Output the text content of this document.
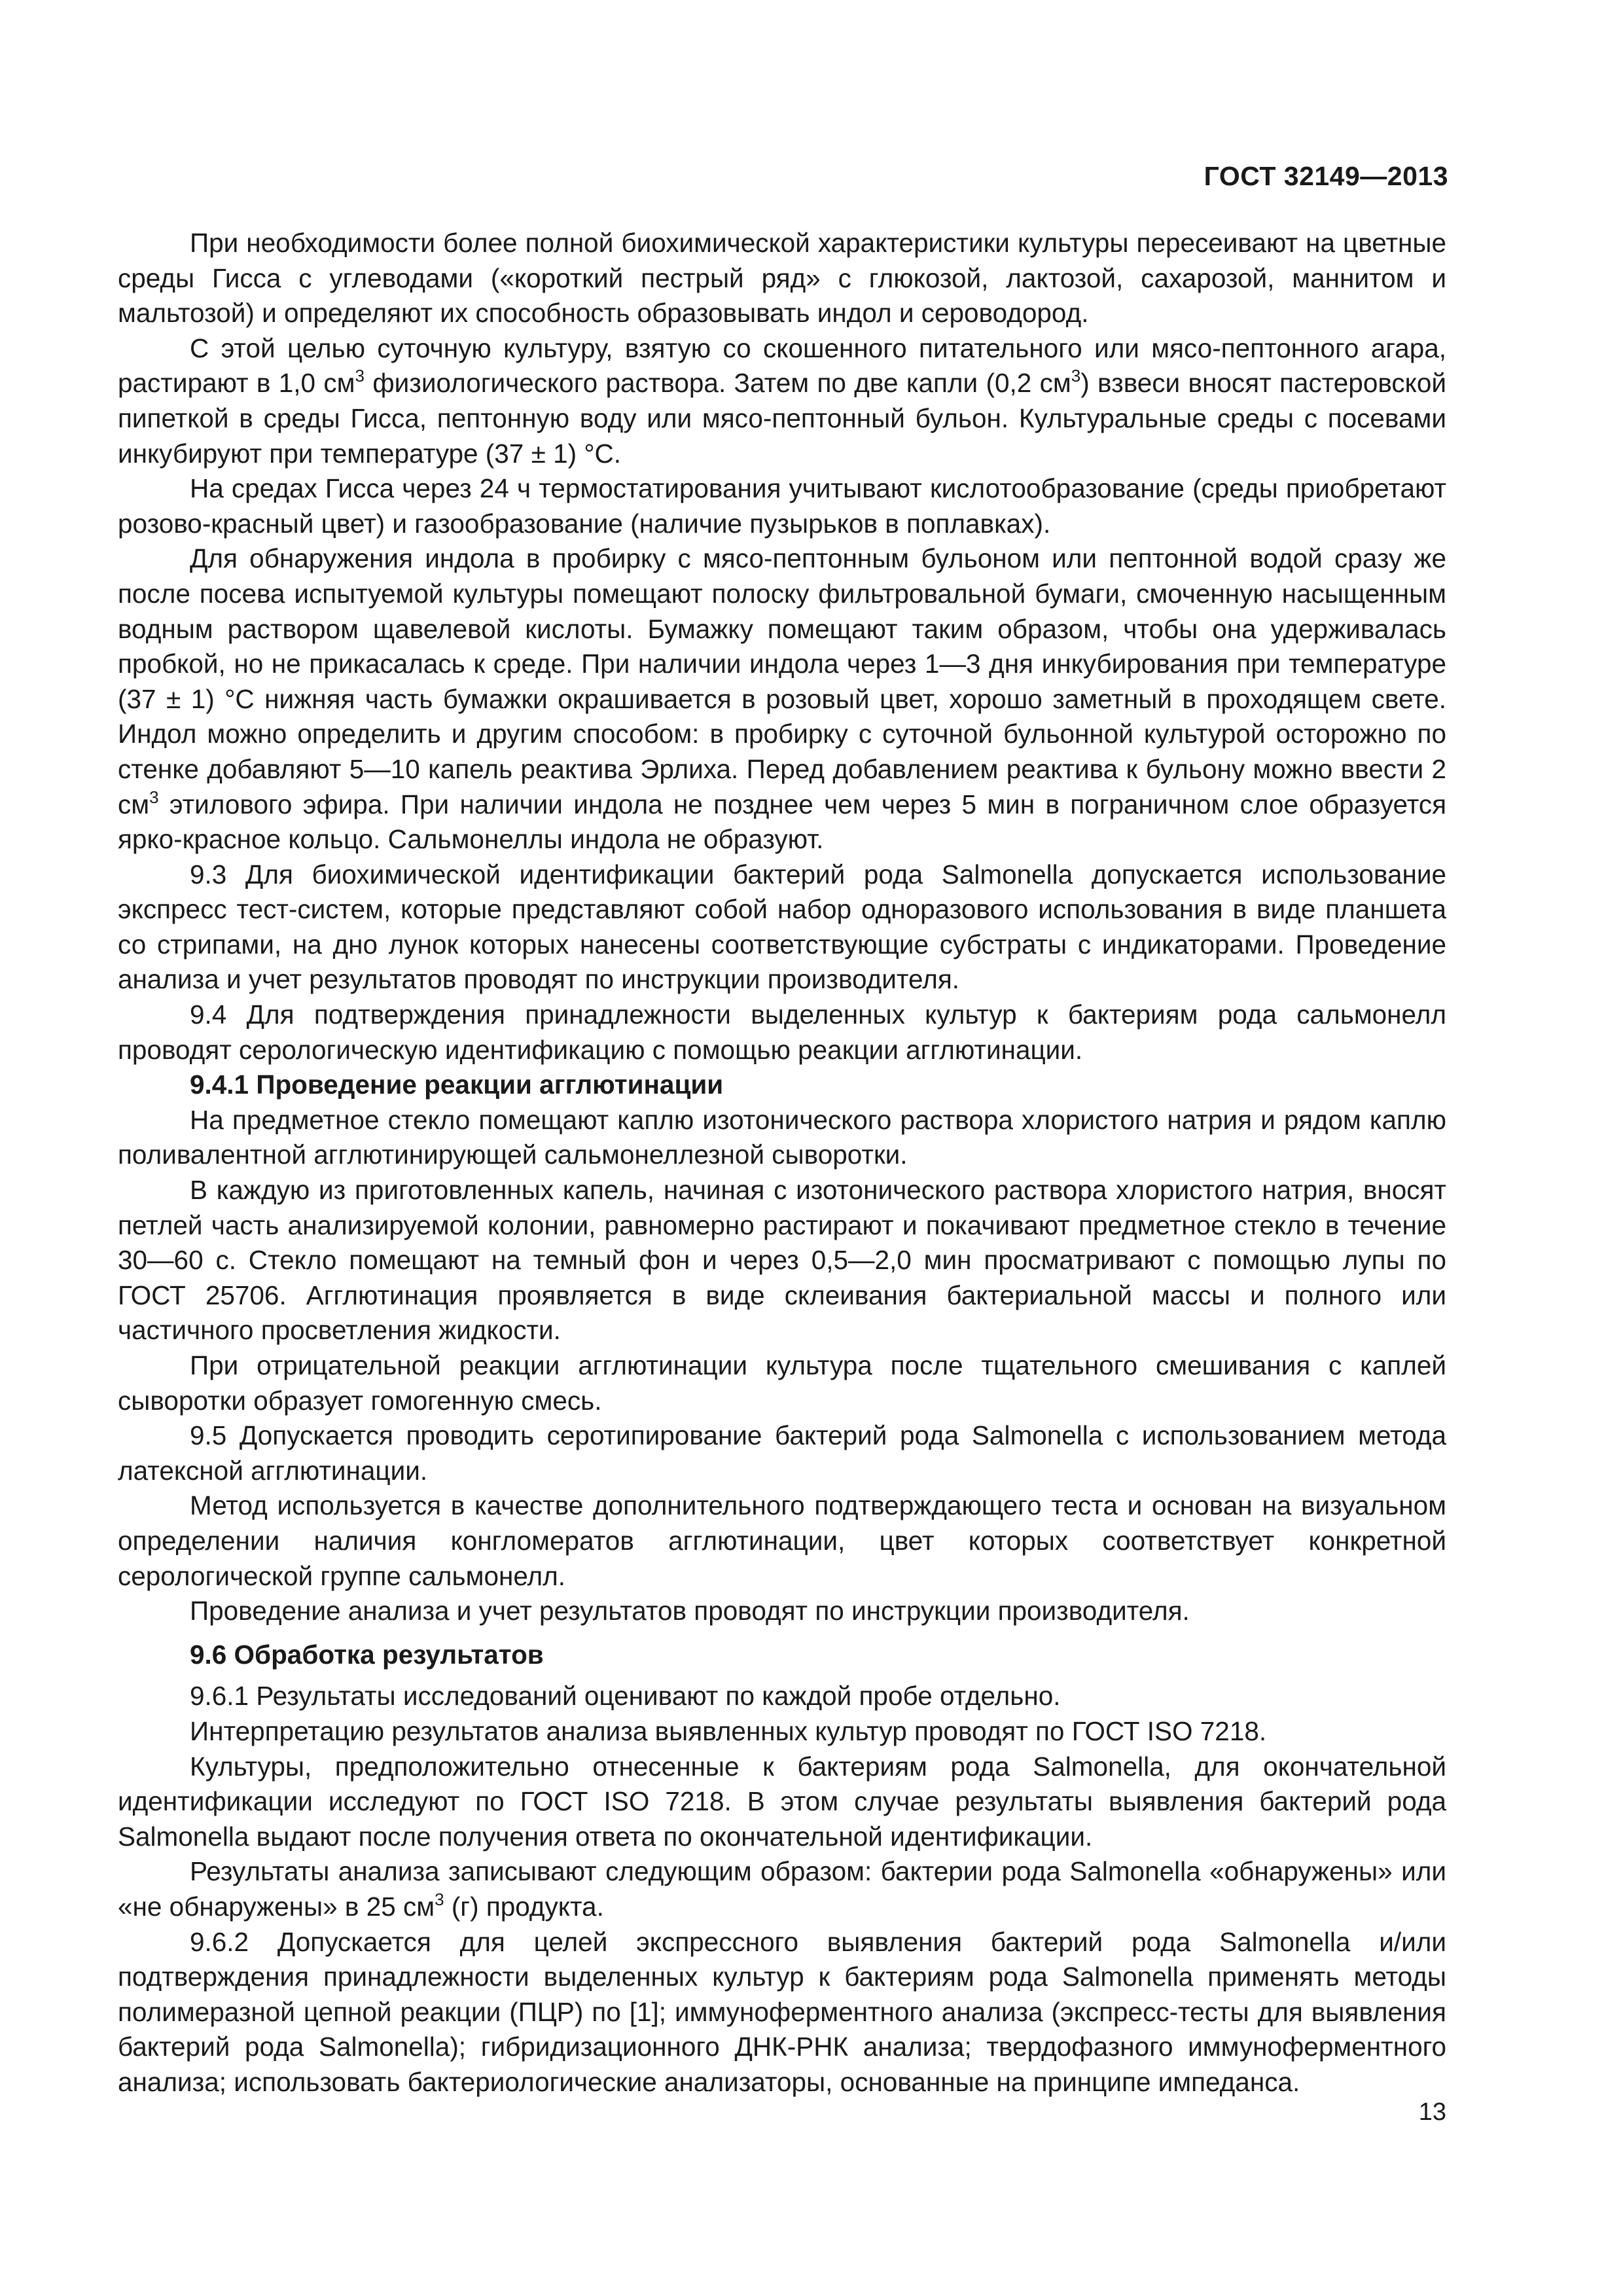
ГОСТ 32149—2013

При необходимости более полной биохимической характеристики культуры пересеивают на цветные среды Гисса с углеводами («короткий пестрый ряд» с глюкозой, лактозой, сахарозой, маннитом и мальтозой) и определяют их способность образовывать индол и сероводород.

С этой целью суточную культуру, взятую со скошенного питательного или мясо-пептонного агара, растирают в 1,0 $см^3$ физиологического раствора. Затем по две капли (0,2 $см^3$) взвеси вносят пастеровской пипеткой в среды Гисса, пептонную воду или мясо-пептонный бульон. Культуральные среды с посевами инкубируют при температуре (37 ± 1) °С.

На средах Гисса через 24 ч термостатирования учитывают кислотообразование (среды приобретают розово-красный цвет) и газообразование (наличие пузырьков в поплавках).

Для обнаружения индола в пробирку с мясо-пептонным бульоном или пептонной водой сразу же после посева испытуемой культуры помещают полоску фильтровальной бумаги, смоченную насыщенным водным раствором щавелевой кислоты. Бумажку помещают таким образом, чтобы она удерживалась пробкой, но не прикасалась к среде. При наличии индола через 1—3 дня инкубирования при температуре (37 ± 1) °С нижняя часть бумажки окрашивается в розовый цвет, хорошо заметный в проходящем свете. Индол можно определить и другим способом: в пробирку с суточной бульонной культурой осторожно по стенке добавляют 5—10 капель реактива Эрлиха. Перед добавлением реактива к бульону можно ввести 2 $см^3$ этилового эфира. При наличии индола не позднее чем через 5 мин в пограничном слое образуется ярко-красное кольцо. Сальмонеллы индола не образуют.

9.3 Для биохимической идентификации бактерий рода Salmonella допускается использование экспресс тест-систем, которые представляют собой набор одноразового использования в виде планшета со стрипами, на дно лунок которых нанесены соответствующие субстраты с индикаторами. Проведение анализа и учет результатов проводят по инструкции производителя.

9.4 Для подтверждения принадлежности выделенных культур к бактериям рода сальмонелл проводят серологическую идентификацию с помощью реакции агглютинации.

9.4.1 Проведение реакции агглютинации

На предметное стекло помещают каплю изотонического раствора хлористого натрия и рядом каплю поливалентной агглютинирующей сальмонеллезной сыворотки.

В каждую из приготовленных капель, начиная с изотонического раствора хлористого натрия, вносят петлей часть анализируемой колонии, равномерно растирают и покачивают предметное стекло в течение 30—60 с. Стекло помещают на темный фон и через 0,5—2,0 мин просматривают с помощью лупы по ГОСТ 25706. Агглютинация проявляется в виде склеивания бактериальной массы и полного или частичного просветления жидкости.

При отрицательной реакции агглютинации культура после тщательного смешивания с каплей сыворотки образует гомогенную смесь.

9.5 Допускается проводить серотипирование бактерий рода Salmonella с использованием метода латексной агглютинации.

Метод используется в качестве дополнительного подтверждающего теста и основан на визуальном определении наличия конгломератов агглютинации, цвет которых соответствует конкретной серологической группе сальмонелл.

Проведение анализа и учет результатов проводят по инструкции производителя.

9.6 Обработка результатов

9.6.1 Результаты исследований оценивают по каждой пробе отдельно.

Интерпретацию результатов анализа выявленных культур проводят по ГОСТ ISO 7218.

Культуры, предположительно отнесенные к бактериям рода Salmonella, для окончательной идентификации исследуют по ГОСТ ISO 7218. В этом случае результаты выявления бактерий рода Salmonella выдают после получения ответа по окончательной идентификации.

Результаты анализа записывают следующим образом: бактерии рода Salmonella «обнаружены» или «не обнаружены» в 25 $см^3$ (г) продукта.

9.6.2 Допускается для целей экспрессного выявления бактерий рода Salmonella и/или подтверждения принадлежности выделенных культур к бактериям рода Salmonella применять методы полимеразной цепной реакции (ПЦР) по [1]; иммуноферментного анализа (экспресс-тесты для выявления бактерий рода Salmonella); гибридизационного ДНК-РНК анализа; твердофазного иммуноферментного анализа; использовать бактериологические анализаторы, основанные на принципе импеданса.

13
